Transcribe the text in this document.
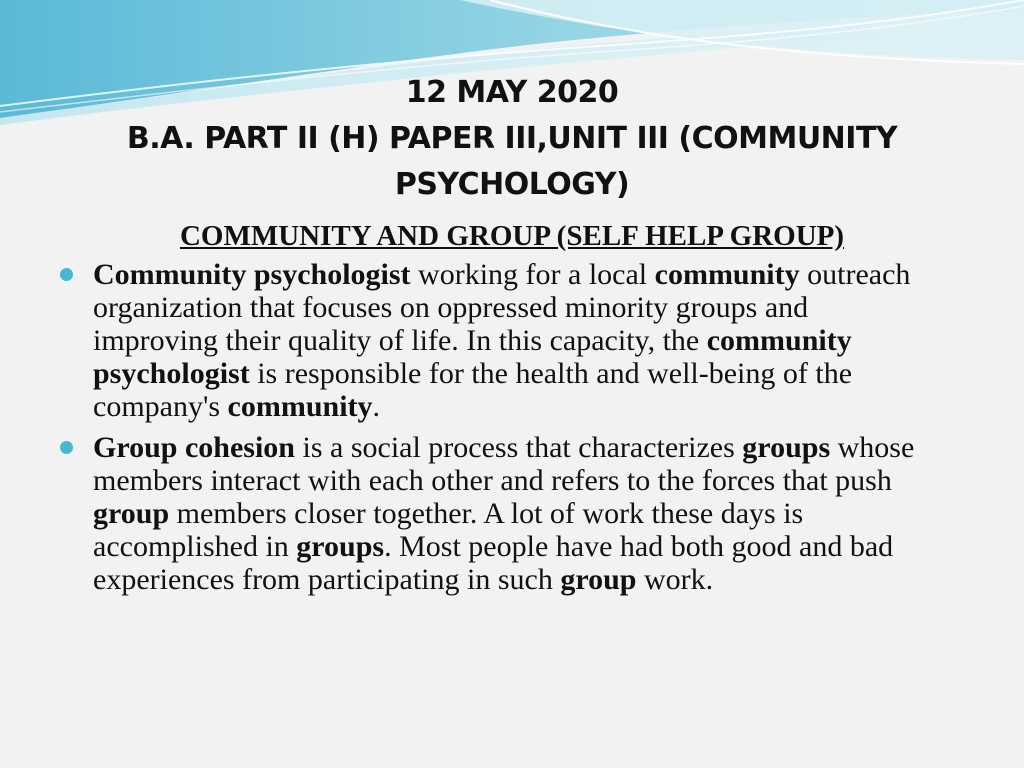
12 MAY 2020
B.A. PART II (H) PAPER III,UNIT III (COMMUNITY PSYCHOLOGY)
COMMUNITY AND GROUP (SELF HELP GROUP)
Community psychologist working for a local community outreach organization that focuses on oppressed minority groups and improving their quality of life. In this capacity, the community psychologist is responsible for the health and well-being of the company's community.
Group cohesion is a social process that characterizes groups whose members interact with each other and refers to the forces that push group members closer together. A lot of work these days is accomplished in groups. Most people have had both good and bad experiences from participating in such group work.
